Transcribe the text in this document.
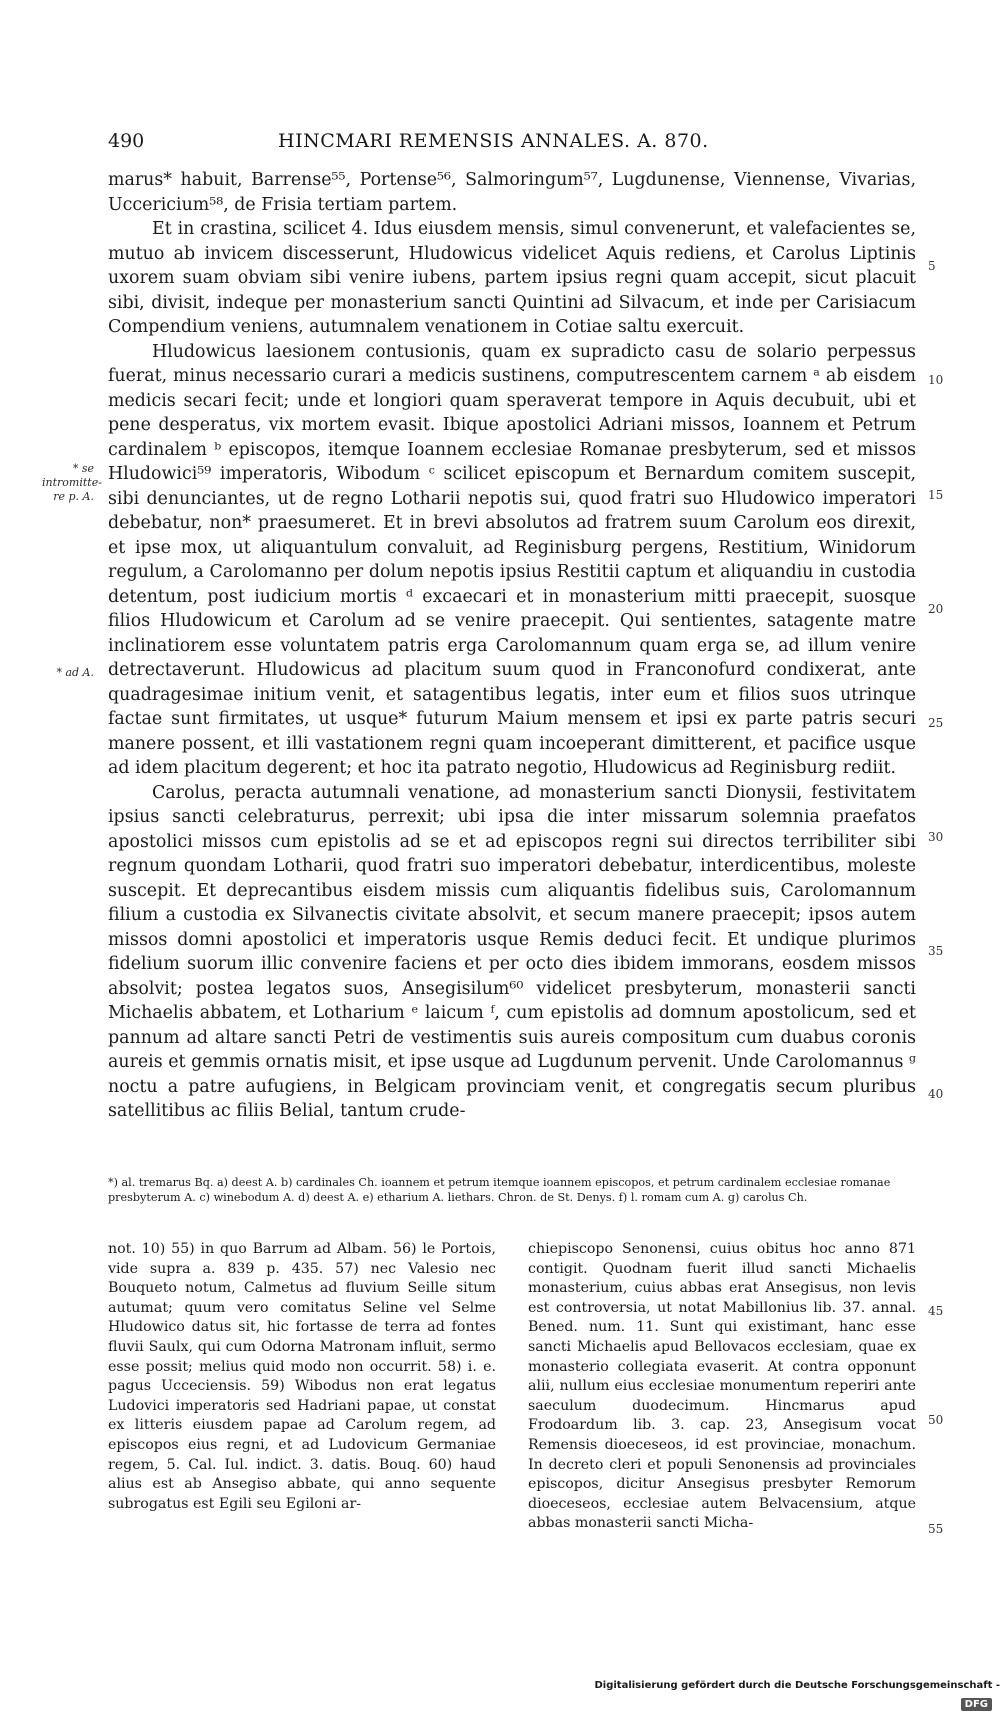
490	HINCMARI REMENSIS ANNALES. A. 870.

marus* habuit, Barrense⁵⁵, Portense⁵⁶, Salmoringum⁵⁷, Lugdunense, Viennense, Vivarias, Uccericium⁵⁸, de Frisia tertiam partem.

Et in crastina, scilicet 4. Idus eiusdem mensis, simul convenerunt, et valefacientes se, mutuo ab invicem discesserunt, Hludowicus videlicet Aquis rediens, et Carolus Liptinis uxorem suam obviam sibi venire iubens, partem ipsius regni quam accepit, sicut placuit sibi, divisit, indeque per monasterium sancti Quintini ad Silvacum, et inde per Carisiacum Compendium veniens, autumnalem venationem in Cotiae saltu exercuit.

Hludowicus laesionem contusionis, quam ex supradicto casu de solario perpessus fuerat, minus necessario curari a medicis sustinens, computrescentem carnem ᵃ ab eisdem medicis secari fecit; unde et longiori quam speraverat tempore in Aquis decubuit, ubi et pene desperatus, vix mortem evasit. Ibique apostolici Adriani missos, Ioannem et Petrum cardinalem ᵇ episcopos, itemque Ioannem ecclesiae Romanae presbyterum, sed et missos Hludowici⁵⁹ imperatoris, Wibodum ᶜ scilicet episcopum et Bernardum comitem suscepit, sibi denunciantes, ut de regno Lotharii nepotis sui, quod fratri suo Hludowico imperatori debebatur, non* praesumeret. Et in brevi absolutos ad fratrem suum Carolum eos direxit, et ipse mox, ut aliquantulum convaluit, ad Reginisburg pergens, Restitium, Winidorum regulum, a Carolomanno per dolum nepotis ipsius Restitii captum et aliquandiu in custodia detentum, post iudicium mortis ᵈ excaecari et in monasterium mitti praecepit, suosque filios Hludowicum et Carolum ad se venire praecepit. Qui sentientes, satagente matre inclinatiorem esse voluntatem patris erga Carolomannum quam erga se, ad illum venire detrectaverunt. Hludowicus ad placitum suum quod in Franconofurd condixerat, ante quadragesimae initium venit, et satagentibus legatis, inter eum et filios suos utrinque factae sunt firmitates, ut usque* futurum Maium mensem et ipsi ex parte patris securi manere possent, et illi vastationem regni quam incoeperant dimitterent, et pacifice usque ad idem placitum degerent; et hoc ita patrato negotio, Hludowicus ad Reginisburg rediit.

Carolus, peracta autumnali venatione, ad monasterium sancti Dionysii, festivitatem ipsius sancti celebraturus, perrexit; ubi ipsa die inter missarum solemnia praefatos apostolici missos cum epistolis ad se et ad episcopos regni sui directos terribiliter sibi regnum quondam Lotharii, quod fratri suo imperatori debebatur, interdicentibus, moleste suscepit. Et deprecantibus eisdem missis cum aliquantis fidelibus suis, Carolomannum filium a custodia ex Silvanectis civitate absolvit, et secum manere praecepit; ipsos autem missos domni apostolici et imperatoris usque Remis deduci fecit. Et undique plurimos fidelium suorum illic convenire faciens et per octo dies ibidem immorans, eosdem missos absolvit; postea legatos suos, Ansegisilum⁶⁰ videlicet presbyterum, monasterii sancti Michaelis abbatem, et Lotharium ᵉ laicum ᶠ, cum epistolis ad domnum apostolicum, sed et pannum ad altare sancti Petri de vestimentis suis aureis compositum cum duabus coronis aureis et gemmis ornatis misit, et ipse usque ad Lugdunum pervenit. Unde Carolomannus ᵍ noctu a patre aufugiens, in Belgicam provinciam venit, et congregatis secum pluribus satellitibus ac filiis Belial, tantum crude-

* se intromitte-re p. A.
* ad A.
5
10
15
20
25
30
35
40
45
50
55

*) al. tremarus Bq. a) deest A. b) cardinales Ch. ioannem et petrum itemque ioannem episcopos, et petrum cardinalem ecclesiae romanae presbyterum A. c) winebodum A. d) deest A. e) etharium A. liethars. Chron. de St. Denys. f) l. romam cum A. g) carolus Ch.

not. 10) 55) in quo Barrum ad Albam. 56) le Portois, vide supra a. 839 p. 435. 57) nec Valesio nec Bouqueto notum, Calmetus ad fluvium Seille situm autumat; quum vero comitatus Seline vel Selme Hludowico datus sit, hic fortasse de terra ad fontes fluvii Saulx, qui cum Odorna Matronam influit, sermo esse possit; melius quid modo non occurrit. 58) i. e. pagus Ucceciensis. 59) Wibodus non erat legatus Ludovici imperatoris sed Hadriani papae, ut constat ex litteris eiusdem papae ad Carolum regem, ad episcopos eius regni, et ad Ludovicum Germaniae regem, 5. Cal. Iul. indict. 3. datis. Bouq. 60) haud alius est ab Ansegiso abbate, qui anno sequente subrogatus est Egili seu Egiloni ar-

chiepiscopo Senonensi, cuius obitus hoc anno 871 contigit. Quodnam fuerit illud sancti Michaelis monasterium, cuius abbas erat Ansegisus, non levis est controversia, ut notat Mabillonius lib. 37. annal. Bened. num. 11. Sunt qui existimant, hanc esse sancti Michaelis apud Bellovacos ecclesiam, quae ex monasterio collegiata evaserit. At contra opponunt alii, nullum eius ecclesiae monumentum reperiri ante saeculum duodecimum. Hincmarus apud Frodoardum lib. 3. cap. 23, Ansegisum vocat Remensis dioeceseos, id est provinciae, monachum. In decreto cleri et populi Senonensis ad provinciales episcopos, dicitur Ansegisus presbyter Remorum dioeceseos, ecclesiae autem Belvacensium, atque abbas monasterii sancti Micha-

Digitalisierung gefördert durch die Deutsche Forschungsgemeinschaft - DFG
